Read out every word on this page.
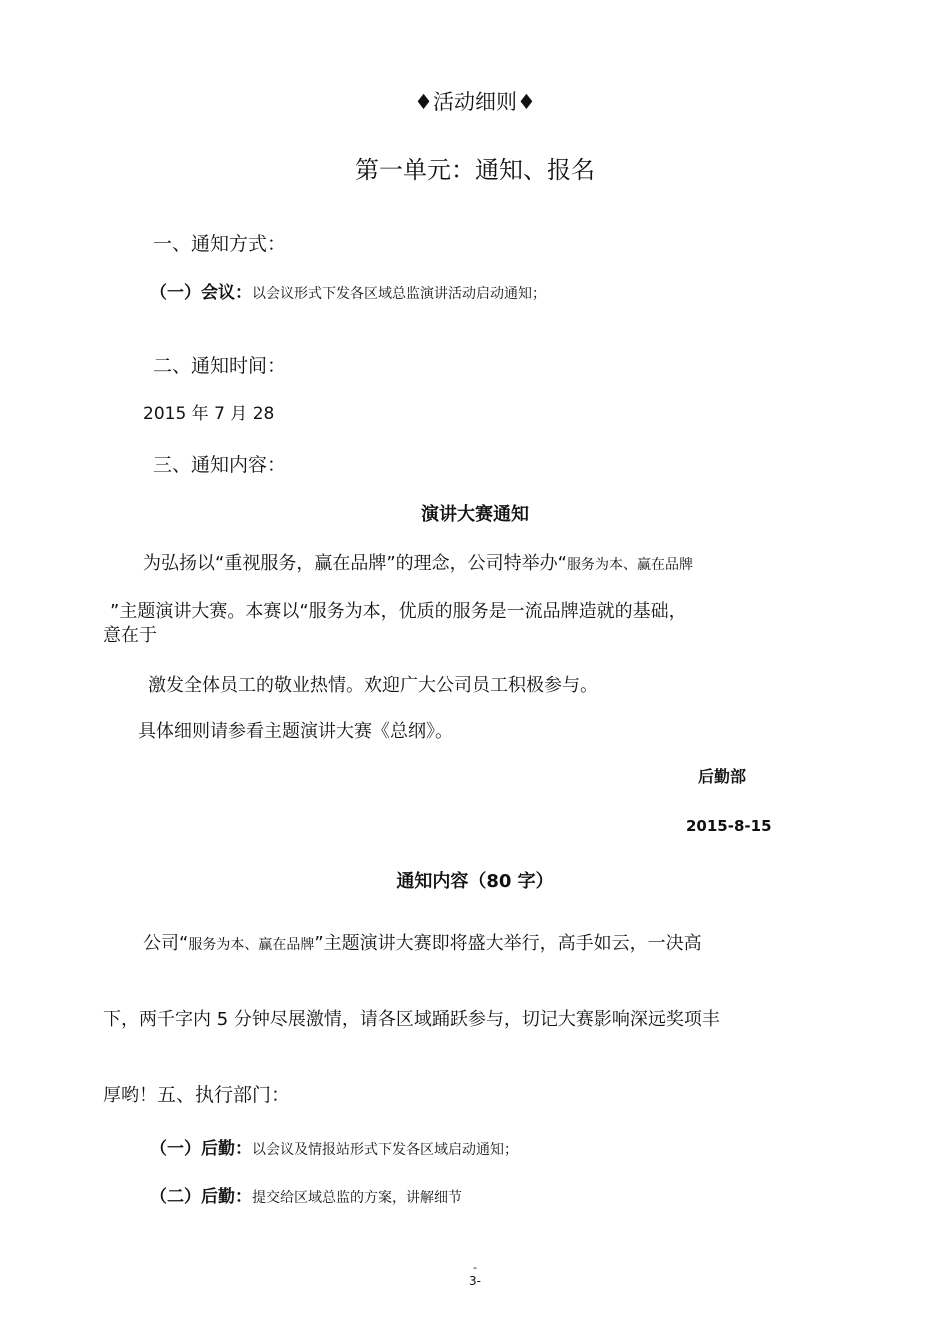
♦活动细则♦
第一单元：通知、报名
一、通知方式：
（一）会议：以会议形式下发各区域总监演讲活动启动通知；
二、通知时间：
2015 年 7 月 28
三、通知内容：
演讲大赛通知
为弘扬以“重视服务，赢在品牌”的理念，公司特举办“服务为本、赢在品牌
”主题演讲大赛。本赛以“服务为本，优质的服务是一流品牌造就的基础，
意在于
激发全体员工的敬业热情。欢迎广大公司员工积极参与。
具体细则请参看主题演讲大赛《总纲》。
后勤部
2015-8-15
通知内容（80 字）
公司“服务为本、赢在品牌”主题演讲大赛即将盛大举行，高手如云，一决高
下，两千字内 5 分钟尽展激情，请各区域踊跃参与，切记大赛影响深远奖项丰
厚哟！五、执行部门：
（一）后勤：以会议及情报站形式下发各区域启动通知；
（二）后勤：提交给区域总监的方案，讲解细节
-
3-
